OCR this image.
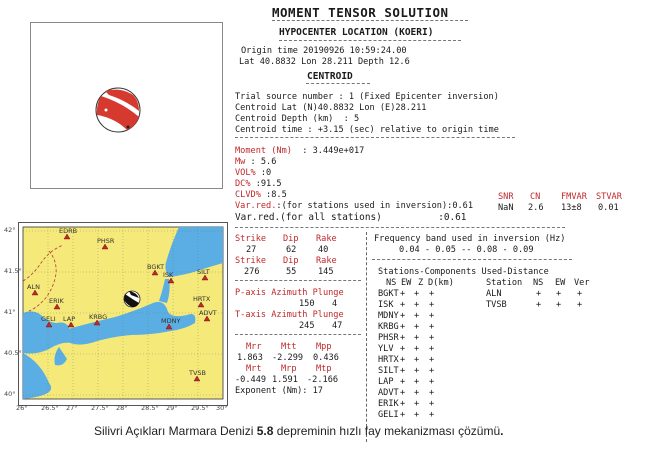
MOMENT TENSOR SOLUTION
HYPOCENTER LOCATION (KOERI)
Origin time 20190926 10:59:24.00
Lat 40.8832 Lon 28.211 Depth 12.6
CENTROID
Trial source number : 1 (Fixed Epicenter inversion)
Centroid Lat (N)40.8832 Lon (E)28.211
Centroid Depth (km)  : 5
Centroid time : +3.15 (sec) relative to origin time
Moment (Nm)  : 3.449e+017
Mw : 5.6
VOL% :0
DC% :91.5
CLVD% :8.5
Var.red.:(for stations used in inversion):0.61
Var.red.(for all stations)          :0.61
SNR CN FMVAR STVAR
NaN 2.6 13±8 0.01
Strike Dip Rake
27	62	40
Strike Dip Rake
276	55	145
P-axis Azimuth Plunge
150 4
T-axis Azimuth Plunge
245 47
Mrr Mtt Mpp
1.863 -2.299 0.436
Mrt Mrp Mtp
-0.449 1.591 -2.166
Exponent (Nm): 17
Frequency band used in inversion (Hz)
0.04 - 0.05 -- 0.08 - 0.09
Stations-Components Used-Distance
NS EW Z D(km)	Station NS EW Ver
BGKT + + +
ISK + + +
MDNY + + +
KRBG + + +
PHSR + + +
YLV + + +
HRTX + + +
SILT + + +
LAP + + +
ADVT + + +
ERIK + + +
GELI + + +
ALN	+ + +
TVSB	+ + +
EDRB
PHSR
BGKT
SILT
ISK
ALN
HRTX
ERIK
GELI LAP KRBG	MDNY
ADVT
TVSB
26° 26.5° 27° 27.5° 28° 28.5° 29° 29.5° 30°
42°
41.5°
41°
40.5°
40°
Silivri Açıkları Marmara Denizi 5.8 depreminin hızlı fay mekanizması çözümü.
